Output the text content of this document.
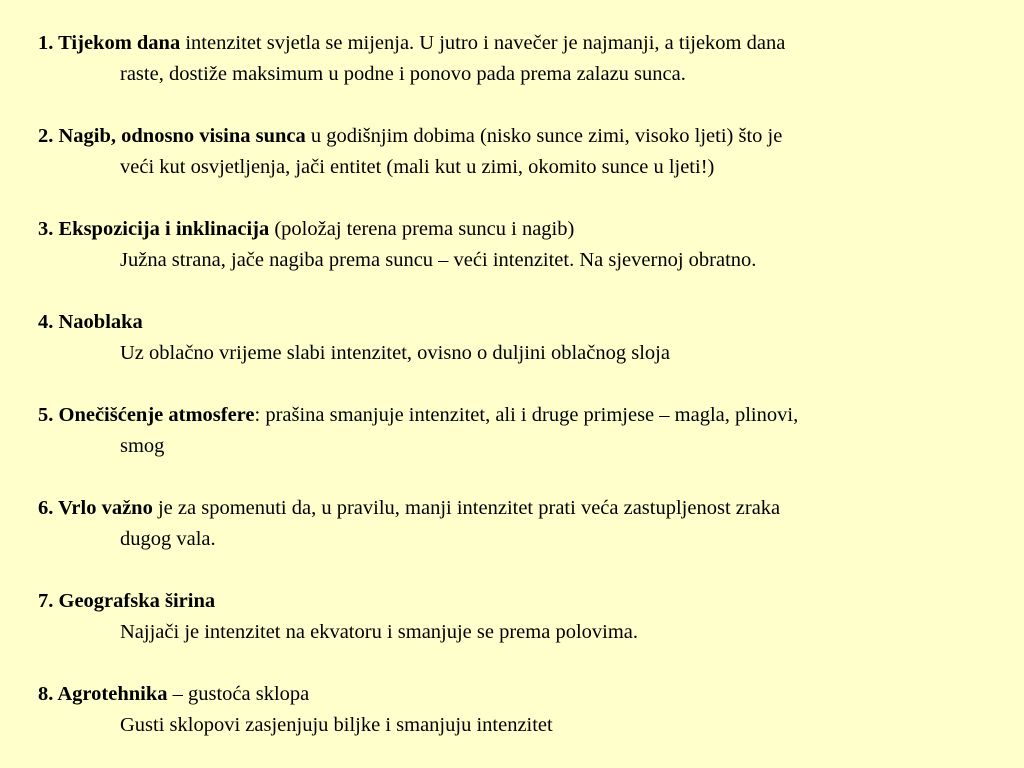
1. Tijekom dana intenzitet svjetla se mijenja. U jutro i navečer je najmanji, a tijekom dana
raste, dostiže maksimum u podne i ponovo pada prema zalazu sunca.
2. Nagib, odnosno visina sunca u godišnjim dobima (nisko sunce zimi, visoko ljeti) što je
veći kut osvjetljenja, jači entitet (mali kut u zimi, okomito sunce u ljeti!)
3. Ekspozicija i inklinacija (položaj terena prema suncu i nagib)
Južna strana, jače nagiba prema suncu – veći intenzitet. Na sjevernoj obratno.
4. Naoblaka
Uz oblačno vrijeme slabi intenzitet, ovisno o duljini oblačnog sloja
5. Onečišćenje atmosfere: prašina smanjuje intenzitet, ali i druge primjese – magla, plinovi,
smog
6. Vrlo važno je za spomenuti da, u pravilu, manji intenzitet prati veća zastupljenost zraka
dugog vala.
7. Geografska širina
Najjači je intenzitet na ekvatoru i smanjuje se prema polovima.
8. Agrotehnika – gustoća sklopa
Gusti sklopovi zasjenjuju biljke i smanjuju intenzitet
